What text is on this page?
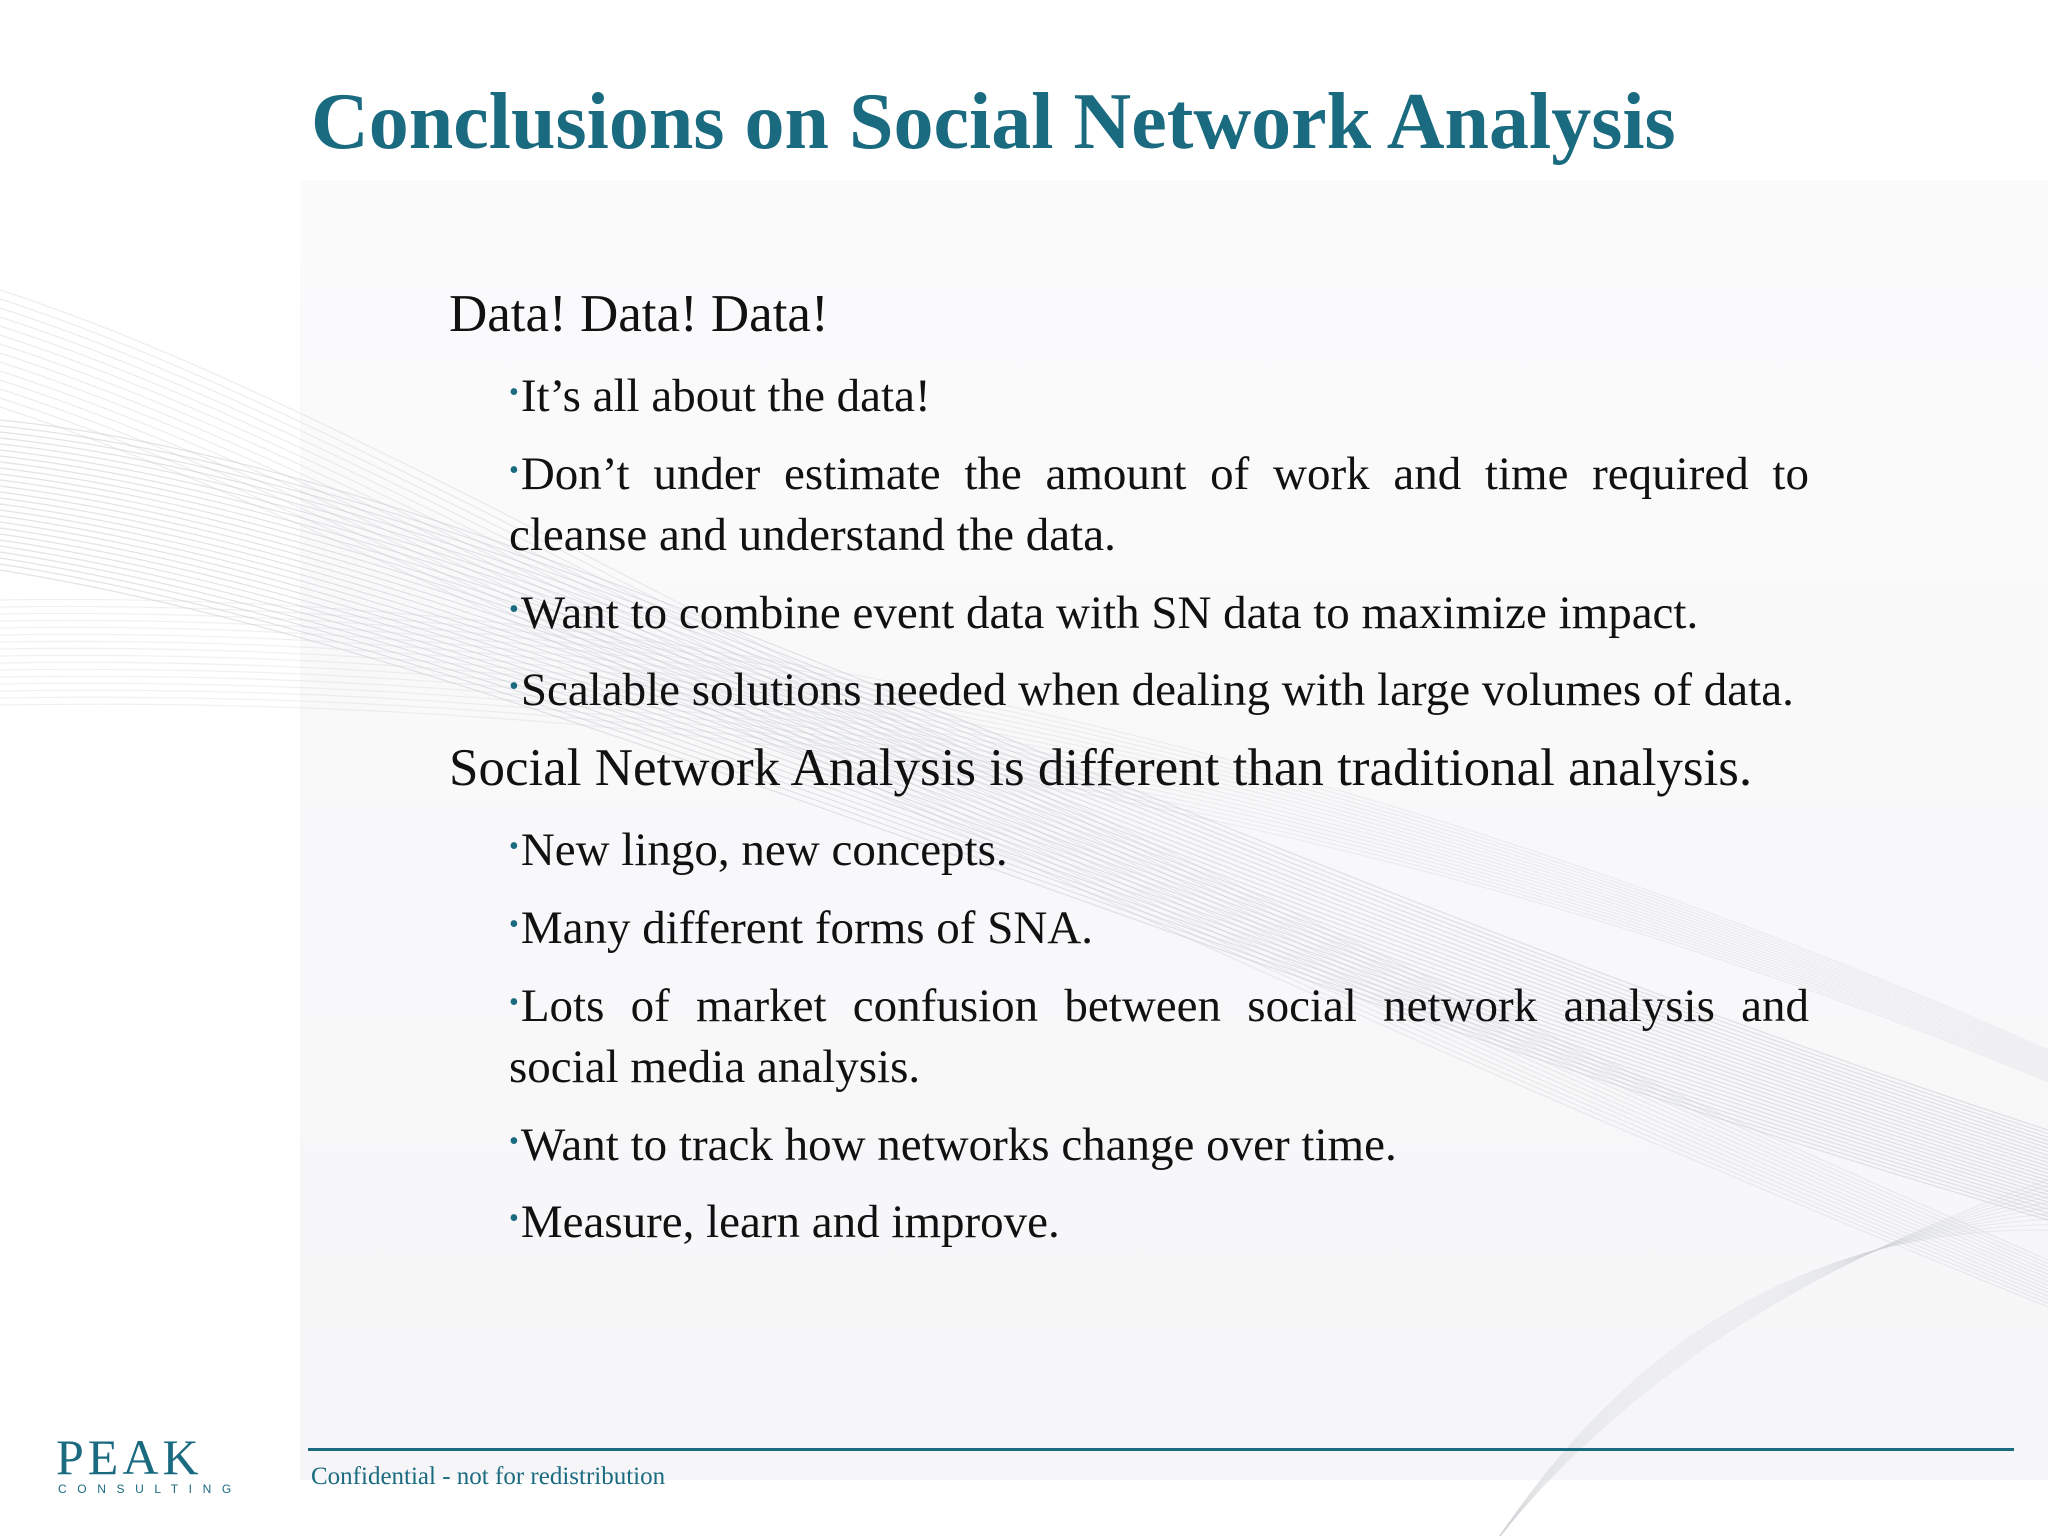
Conclusions on Social Network Analysis

Data! Data! Data!

•It’s all about the data!

•Don’t under estimate the amount of work and time required to cleanse and understand the data.

•Want to combine event data with SN data to maximize impact.

•Scalable solutions needed when dealing with large volumes of data.

Social Network Analysis is different than traditional analysis.

•New lingo, new concepts.

•Many different forms of SNA.

•Lots of market confusion between social network analysis and social media analysis.

•Want to track how networks change over time.

•Measure, learn and improve.

PEAK
CONSULTING	Confidential - not for redistribution
